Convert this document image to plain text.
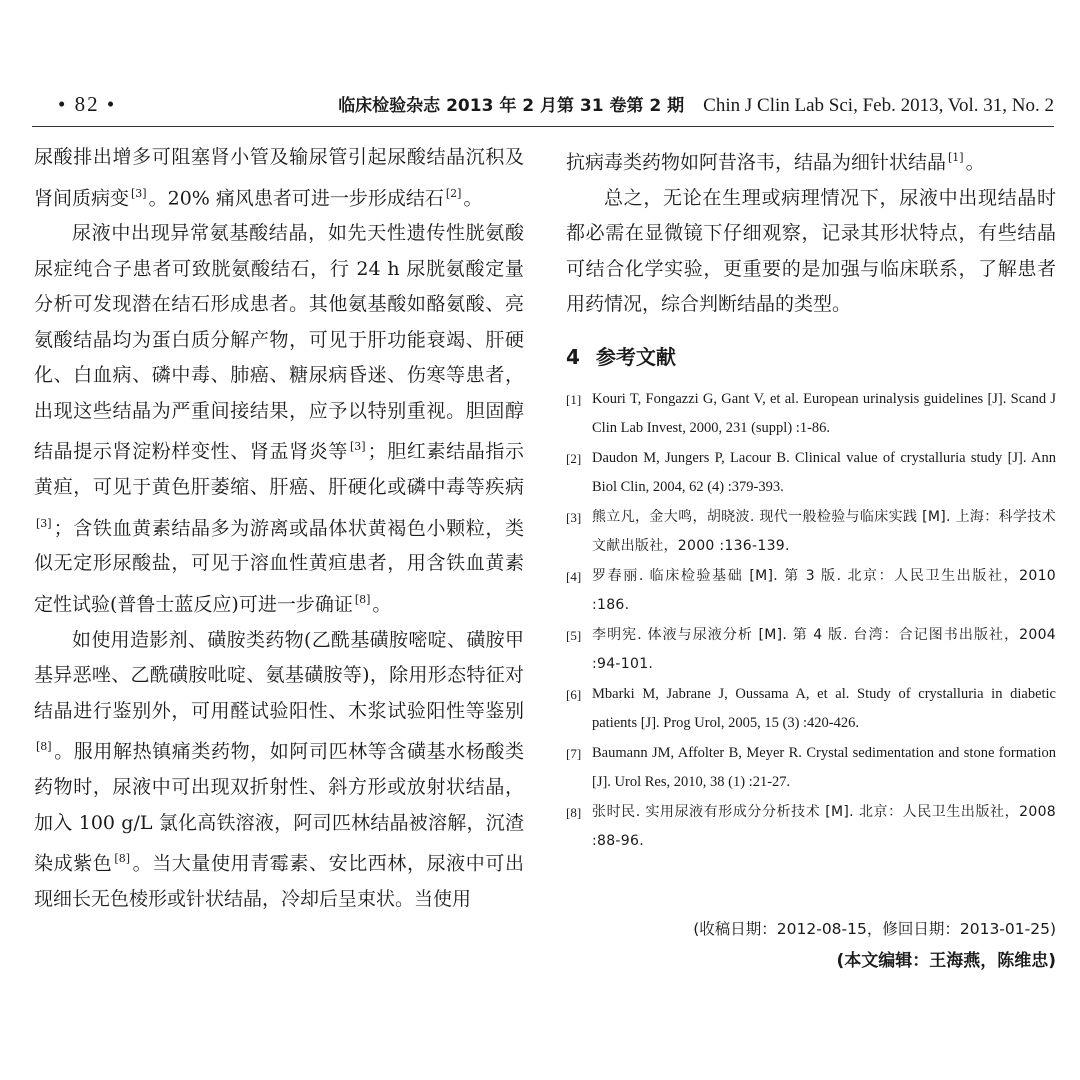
• 82 •	临床检验杂志 2013 年 2 月第 31 卷第 2 期 Chin J Clin Lab Sci, Feb. 2013, Vol. 31, No. 2

尿酸排出增多可阻塞肾小管及输尿管引起尿酸结晶沉积及肾间质病变 [3] 。20% 痛风患者可进一步形成结石 [2] 。

尿液中出现异常氨基酸结晶，如先天性遗传性胱氨酸尿症纯合子患者可致胱氨酸结石，行 24 h 尿胱氨酸定量分析可发现潜在结石形成患者。其他氨基酸如酪氨酸、亮氨酸结晶均为蛋白质分解产物，可见于肝功能衰竭、肝硬化、白血病、磷中毒、肺癌、糖尿病昏迷、伤寒等患者，出现这些结晶为严重间接结果，应予以特别重视。胆固醇结晶提示肾淀粉样变性、肾盂肾炎等 [3] ；胆红素结晶指示黄疸，可见于黄色肝萎缩、肝癌、肝硬化或磷中毒等疾病[3] ；含铁血黄素结晶多为游离或晶体状黄褐色小颗粒，类似无定形尿酸盐，可见于溶血性黄疸患者，用含铁血黄素定性试验(普鲁士蓝反应)可进一步确证 [8] 。

如使用造影剂、磺胺类药物(乙酰基磺胺嘧啶、磺胺甲基异恶唑、乙酰磺胺吡啶、氨基磺胺等)，除用形态特征对结晶进行鉴别外，可用醛试验阳性、木浆试验阳性等鉴别[8] 。服用解热镇痛类药物，如阿司匹林等含磺基水杨酸类药物时，尿液中可出现双折射性、斜方形或放射状结晶，加入 100 g/L 氯化高铁溶液，阿司匹林结晶被溶解，沉渣染成紫色 [8] 。当大量使用青霉素、安比西林，尿液中可出现细长无色棱形或针状结晶，冷却后呈束状。当使用

抗病毒类药物如阿昔洛韦，结晶为细针状结晶 [1] 。

总之，无论在生理或病理情况下，尿液中出现结晶时都必需在显微镜下仔细观察，记录其形状特点，有些结晶可结合化学实验，更重要的是加强与临床联系，了解患者用药情况，综合判断结晶的类型。

4 参考文献

[1] Kouri T, Fongazzi G, Gant V, et al. European urinalysis guidelines [J]. Scand J Clin Lab Invest, 2000, 231 (suppl) :1-86.
[2] Daudon M, Jungers P, Lacour B. Clinical value of crystalluria study [J]. Ann Biol Clin, 2004, 62 (4) :379-393.
[3] 熊立凡，金大鸣，胡晓波. 现代一般检验与临床实践 [M]. 上海：科学技术文献出版社，2000 :136-139.
[4] 罗春丽. 临床检验基础 [M]. 第 3 版. 北京：人民卫生出版社，2010 :186.
[5] 李明宪. 体液与尿液分析 [M]. 第 4 版. 台湾：合记图书出版社，2004 :94-101.
[6] Mbarki M, Jabrane J, Oussama A, et al. Study of crystalluria in diabetic patients [J]. Prog Urol, 2005, 15 (3) :420-426.
[7] Baumann JM, Affolter B, Meyer R. Crystal sedimentation and stone formation [J]. Urol Res, 2010, 38 (1) :21-27.
[8] 张时民. 实用尿液有形成分分析技术 [M]. 北京：人民卫生出版社，2008 :88-96.
(收稿日期：2012-08-15，修回日期：2013-01-25)
(本文编辑：王海燕，陈维忠)
